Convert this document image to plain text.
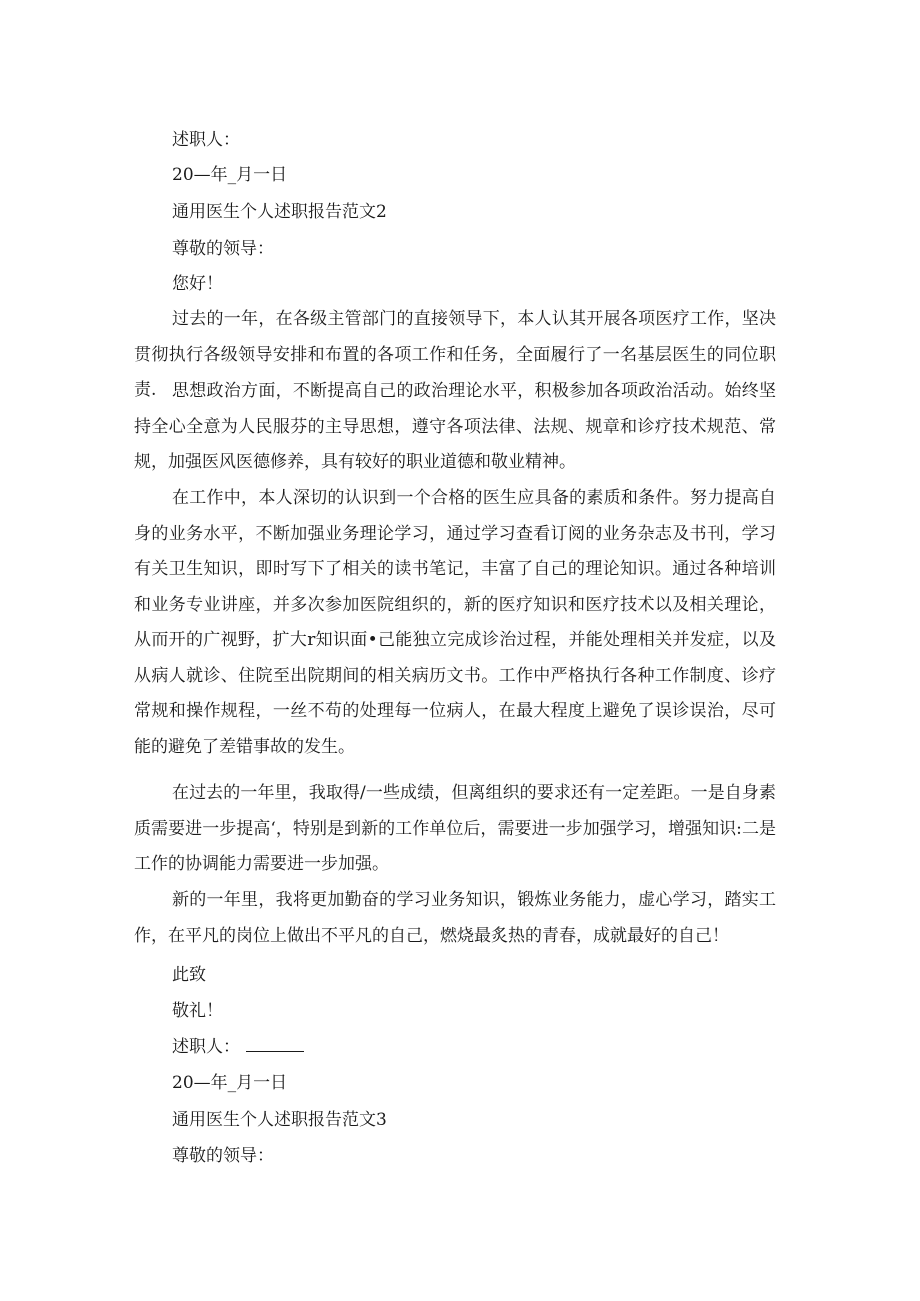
述职人：
20—年_月一日
通用医生个人述职报告范文2
尊敬的领导：
您好！

过去的一年，在各级主管部门的直接领导下，本人认其开展各项医疗工作，坚决贯彻执行各级领导安排和布置的各项工作和任务，全面履行了一名基层医生的同位职责. 思想政治方面，不断提高自己的政治理论水平，积极参加各项政治活动。始终坚持全心全意为人民服芬的主导思想，遵守各项法律、法规、规章和诊疗技术规范、常规，加强医风医德修养，具有较好的职业道德和敬业精神。

在工作中，本人深切的认识到一个合格的医生应具备的素质和条件。努力提高自身的业务水平，不断加强业务理论学习，通过学习查看订阅的业务杂志及书刊，学习有关卫生知识，即时写下了相关的读书笔记，丰富了自己的理论知识。通过各种培训和业务专业讲座，并多次参加医院组织的，新的医疗知识和医疗技术以及相关理论，从而开的广视野，扩大r知识面•己能独立完成诊治过程，并能处理相关并发症，以及从病人就诊、住院至出院期间的相关病历文书。工作中严格执行各种工作制度、诊疗常规和操作规程，一丝不苟的处理每一位病人，在最大程度上避免了误诊误治，尽可能的避免了差错事故的发生。

在过去的一年里，我取得/一些成绩，但离组织的要求还有一定差距。一是自身素质需要进一步提高‘，特别是到新的工作单位后，需要进一步加强学习，增强知识:二是工作的协调能力需要进一步加强。

新的一年里，我将更加勤奋的学习业务知识，锻炼业务能力，虚心学习，踏实工作，在平凡的岗位上做出不平凡的自己，燃烧最炙热的青春，成就最好的自己！

此致
敬礼！
述职人：
20—年_月一日
通用医生个人述职报告范文3
尊敬的领导：
